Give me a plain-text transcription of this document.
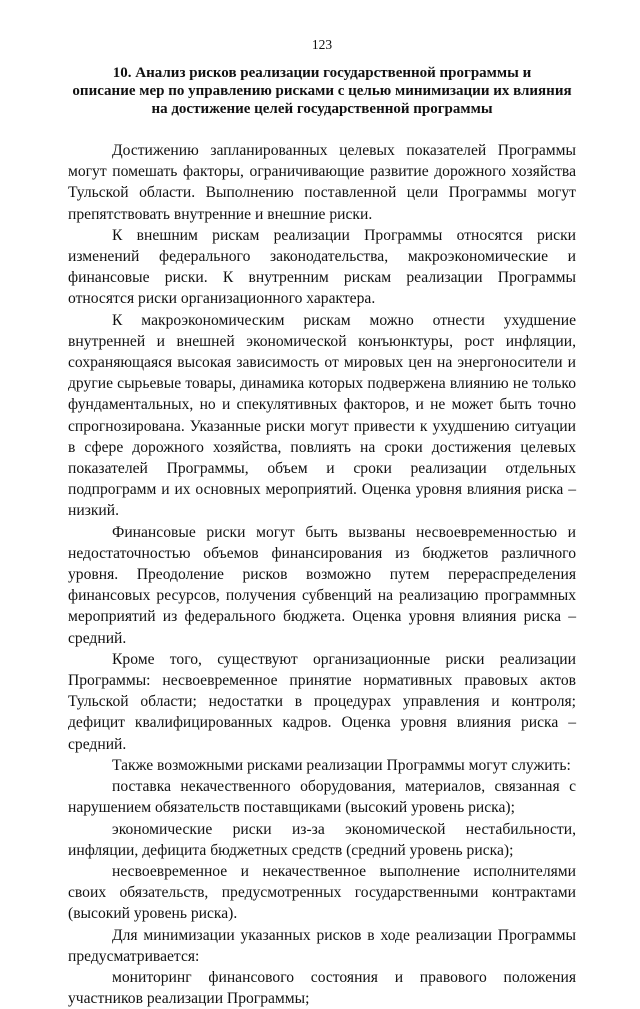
123
10. Анализ рисков реализации государственной программы и
описание мер по управлению рисками с целью минимизации их влияния
на достижение целей государственной программы

Достижению запланированных целевых показателей Программы могут помешать факторы, ограничивающие развитие дорожного хозяйства Тульской области. Выполнению поставленной цели Программы могут препятствовать внутренние и внешние риски.

К внешним рискам реализации Программы относятся риски изменений федерального законодательства, макроэкономические и финансовые риски. К внутренним рискам реализации Программы относятся риски организационного характера.

К макроэкономическим рискам можно отнести ухудшение внутренней и внешней экономической конъюнктуры, рост инфляции, сохраняющаяся высокая зависимость от мировых цен на энергоносители и другие сырьевые товары, динамика которых подвержена влиянию не только фундаментальных, но и спекулятивных факторов, и не может быть точно спрогнозирована. Указанные риски могут привести к ухудшению ситуации в сфере дорожного хозяйства, повлиять на сроки достижения целевых показателей Программы, объем и сроки реализации отдельных подпрограмм и их основных мероприятий. Оценка уровня влияния риска – низкий.

Финансовые риски могут быть вызваны несвоевременностью и недостаточностью объемов финансирования из бюджетов различного уровня. Преодоление рисков возможно путем перераспределения финансовых ресурсов, получения субвенций на реализацию программных мероприятий из федерального бюджета. Оценка уровня влияния риска – средний.

Кроме того, существуют организационные риски реализации Программы: несвоевременное принятие нормативных правовых актов Тульской области; недостатки в процедурах управления и контроля; дефицит квалифицированных кадров. Оценка уровня влияния риска – средний.

Также возможными рисками реализации Программы могут служить:

поставка некачественного оборудования, материалов, связанная с нарушением обязательств поставщиками (высокий уровень риска);

экономические риски из-за экономической нестабильности, инфляции, дефицита бюджетных средств (средний уровень риска);

несвоевременное и некачественное выполнение исполнителями своих обязательств, предусмотренных государственными контрактами (высокий уровень риска).

Для минимизации указанных рисков в ходе реализации Программы предусматривается:

мониторинг финансового состояния и правового положения участников реализации Программы;
